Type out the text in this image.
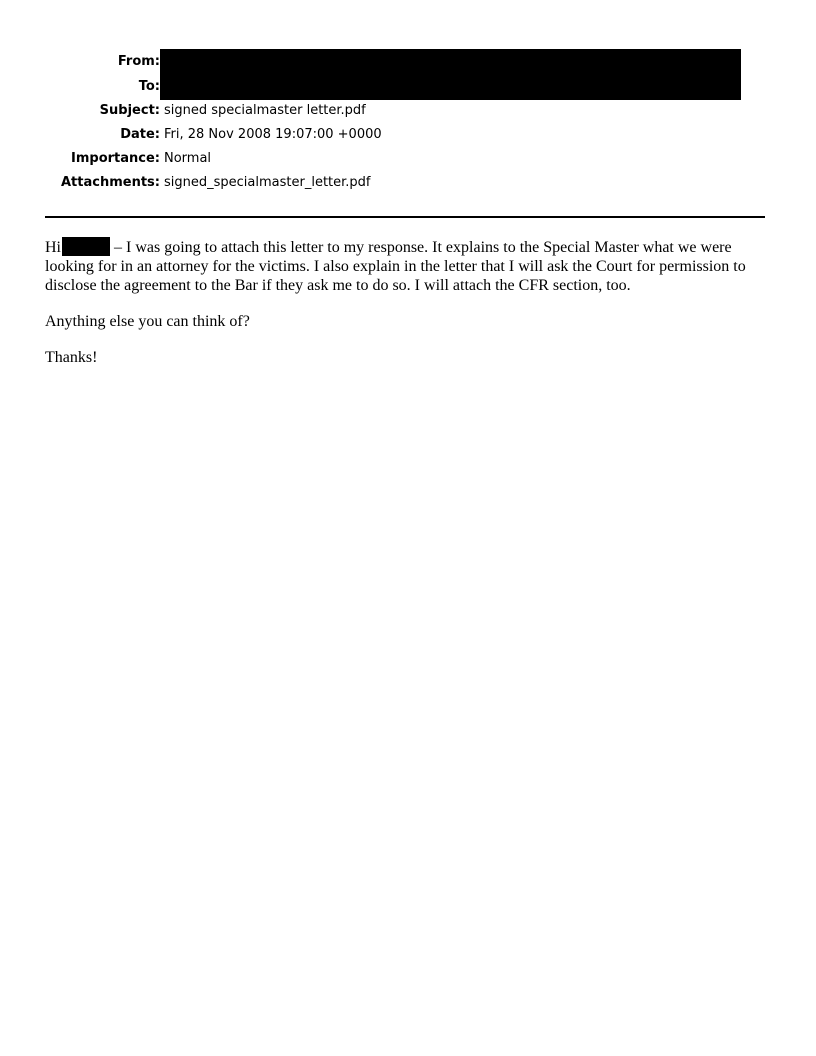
From:
To:
Subject: signed specialmaster letter.pdf
Date: Fri, 28 Nov 2008 19:07:00 +0000
Importance: Normal
Attachments: signed_specialmaster_letter.pdf

Hi	– I was going to attach this letter to my response. It explains to the Special Master what we were looking for in an attorney for the victims. I also explain in the letter that I will ask the Court for permission to disclose the agreement to the Bar if they ask me to do so. I will attach the CFR section, too.

Anything else you can think of?

Thanks!
